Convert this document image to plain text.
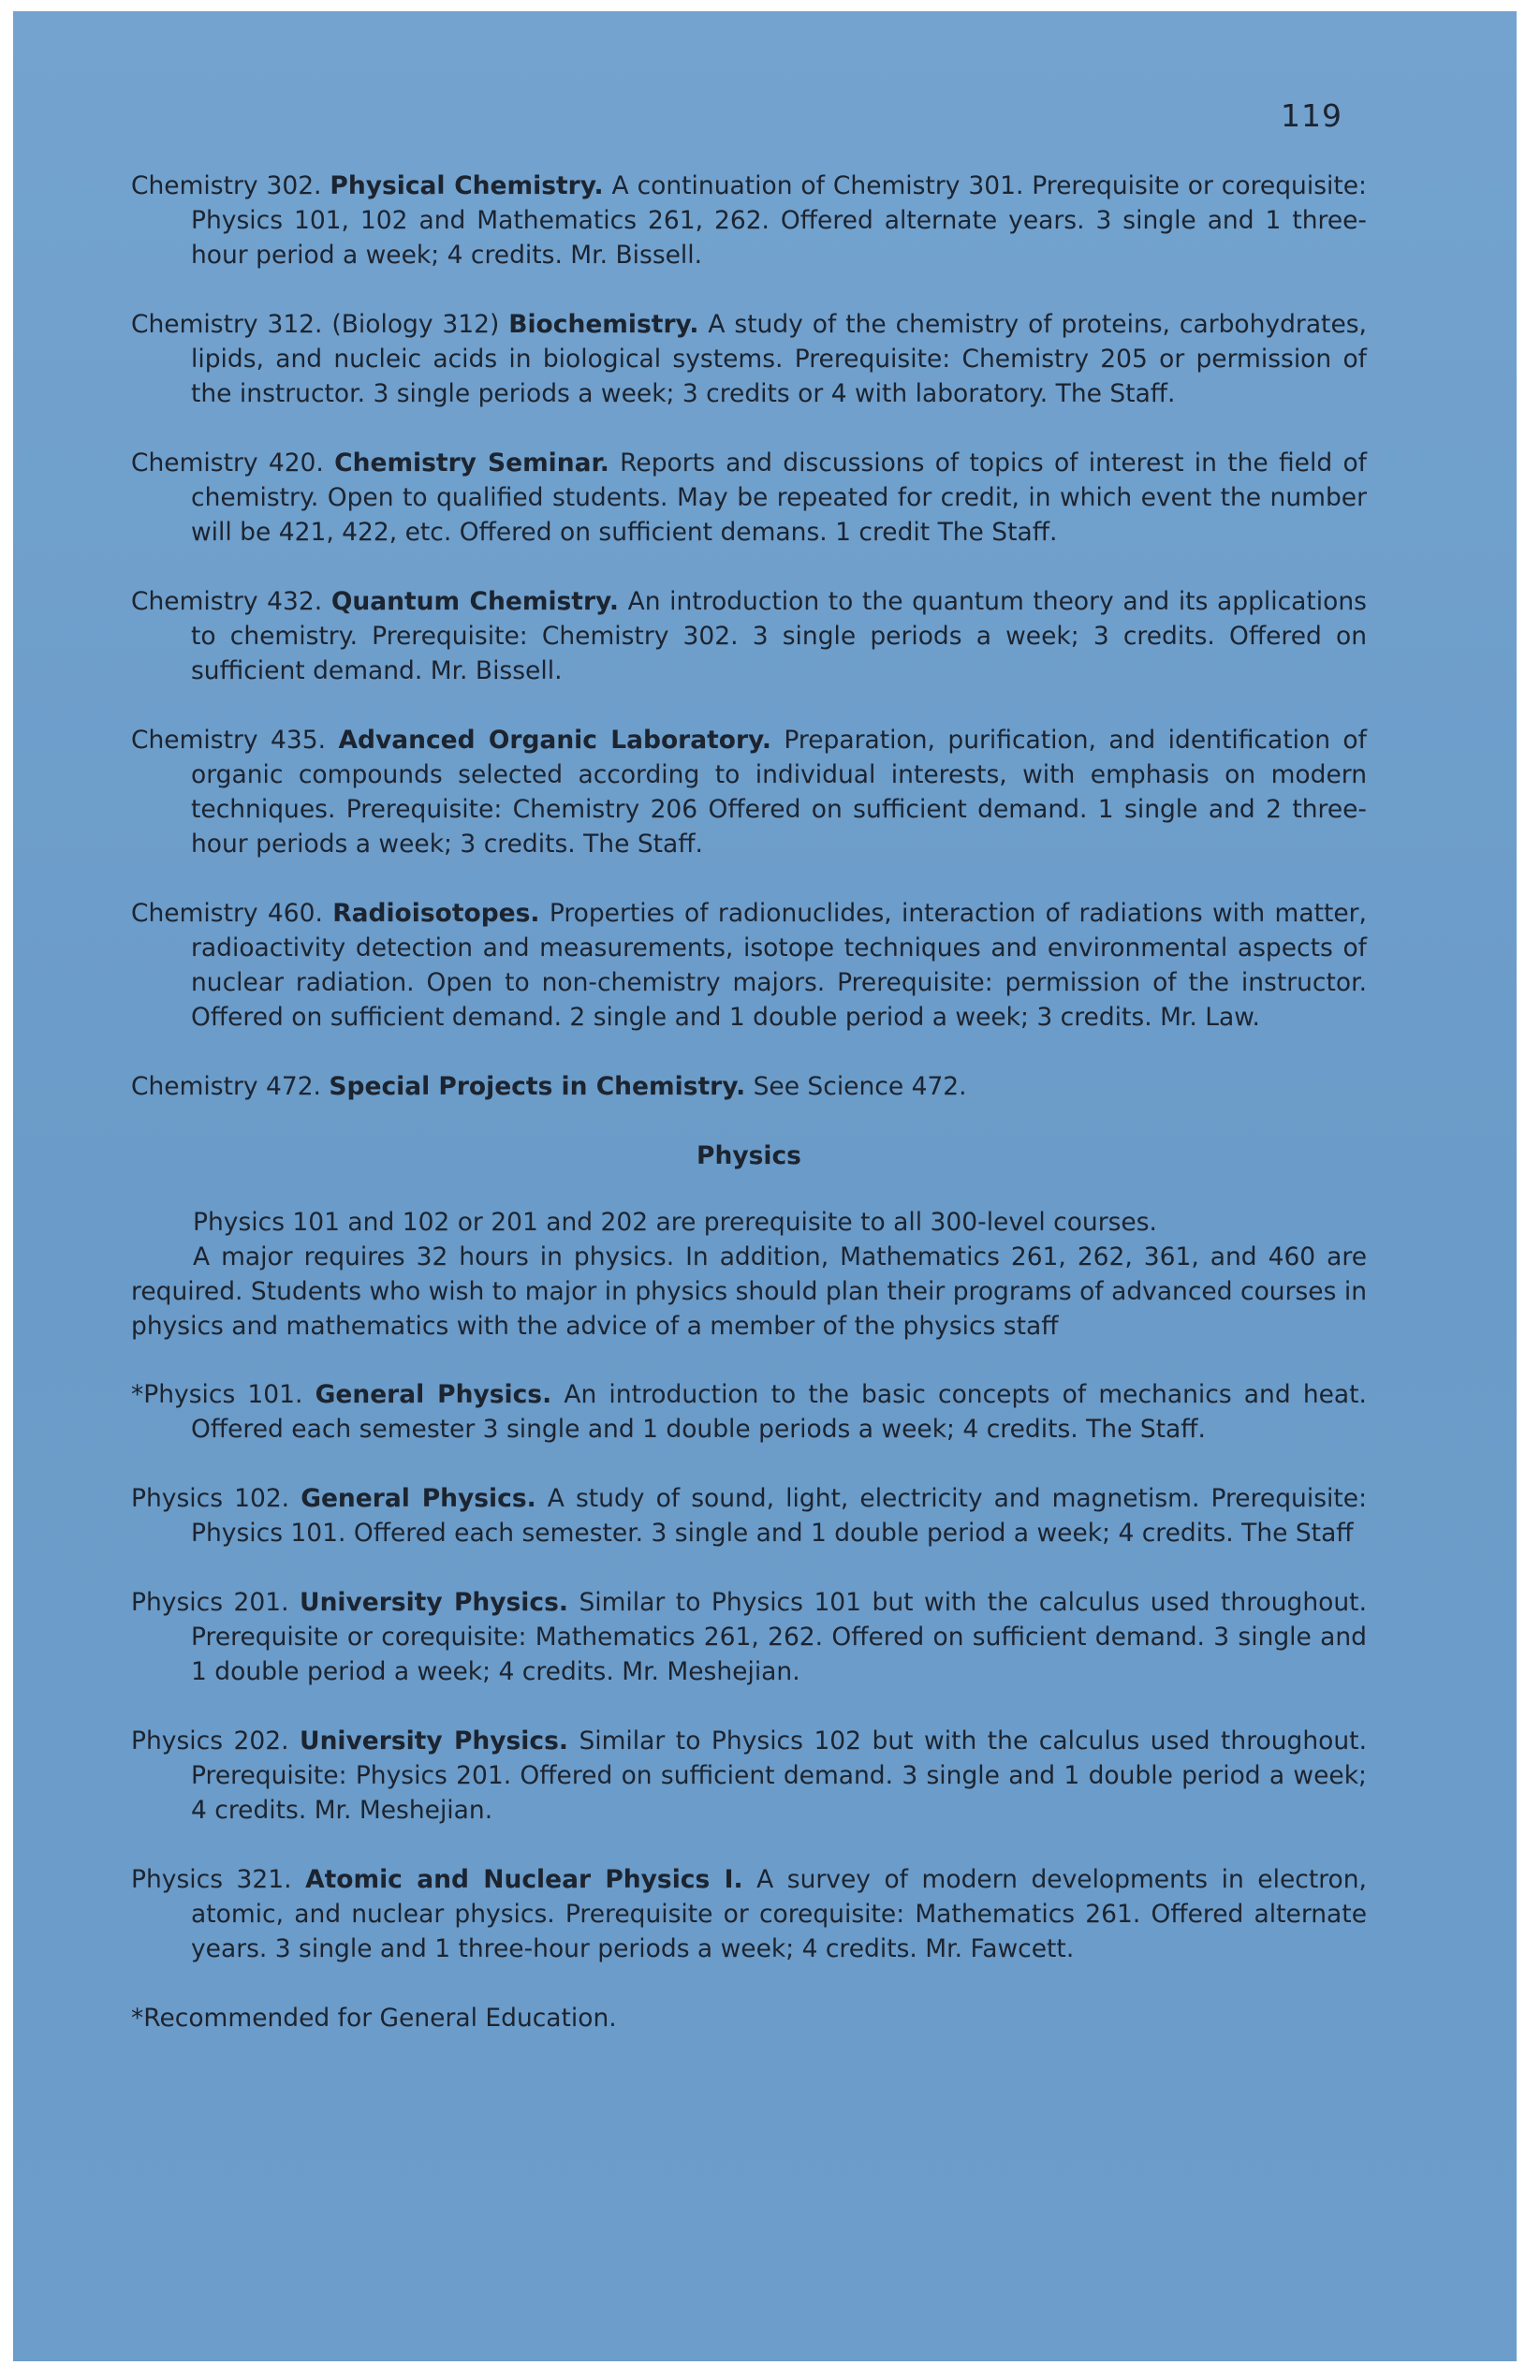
119

Chemistry 302. Physical Chemistry. A continuation of Chemistry 301. Prerequisite or corequisite: Physics 101, 102 and Mathematics 261, 262. Offered alternate years. 3 single and 1 three-hour period a week; 4 credits. Mr. Bissell.

Chemistry 312. (Biology 312) Biochemistry. A study of the chemistry of proteins, carbohydrates, lipids, and nucleic acids in biological systems. Prerequisite: Chemistry 205 or permission of the instructor. 3 single periods a week; 3 credits or 4 with laboratory. The Staff.

Chemistry 420. Chemistry Seminar. Reports and discussions of topics of interest in the field of chemistry. Open to qualified students. May be repeated for credit, in which event the number will be 421, 422, etc. Offered on sufficient demans. 1 credit The Staff.

Chemistry 432. Quantum Chemistry. An introduction to the quantum theory and its applications to chemistry. Prerequisite: Chemistry 302. 3 single periods a week; 3 credits. Offered on sufficient demand. Mr. Bissell.

Chemistry 435. Advanced Organic Laboratory. Preparation, purification, and identification of organic compounds selected according to individual interests, with emphasis on modern techniques. Prerequisite: Chemistry 206 Offered on sufficient demand. 1 single and 2 three-hour periods a week; 3 credits. The Staff.

Chemistry 460. Radioisotopes. Properties of radionuclides, interaction of radiations with matter, radioactivity detection and measurements, isotope techniques and environmental aspects of nuclear radiation. Open to non-chemistry majors. Prerequisite: permission of the instructor. Offered on sufficient demand. 2 single and 1 double period a week; 3 credits. Mr. Law.

Chemistry 472. Special Projects in Chemistry. See Science 472.

Physics

Physics 101 and 102 or 201 and 202 are prerequisite to all 300-level courses.

A major requires 32 hours in physics. In addition, Mathematics 261, 262, 361, and 460 are required. Students who wish to major in physics should plan their programs of advanced courses in physics and mathematics with the advice of a member of the physics staff

*Physics 101. General Physics. An introduction to the basic concepts of mechanics and heat. Offered each semester 3 single and 1 double periods a week; 4 credits. The Staff.

Physics 102. General Physics. A study of sound, light, electricity and magnetism. Prerequisite: Physics 101. Offered each semester. 3 single and 1 double period a week; 4 credits. The Staff

Physics 201. University Physics. Similar to Physics 101 but with the calculus used throughout. Prerequisite or corequisite: Mathematics 261, 262. Offered on sufficient demand. 3 single and 1 double period a week; 4 credits. Mr. Meshejian.

Physics 202. University Physics. Similar to Physics 102 but with the calculus used throughout. Prerequisite: Physics 201. Offered on sufficient demand. 3 single and 1 double period a week; 4 credits. Mr. Meshejian.

Physics 321. Atomic and Nuclear Physics I. A survey of modern developments in electron, atomic, and nuclear physics. Prerequisite or corequisite: Mathematics 261. Offered alternate years. 3 single and 1 three-hour periods a week; 4 credits. Mr. Fawcett.

*Recommended for General Education.
